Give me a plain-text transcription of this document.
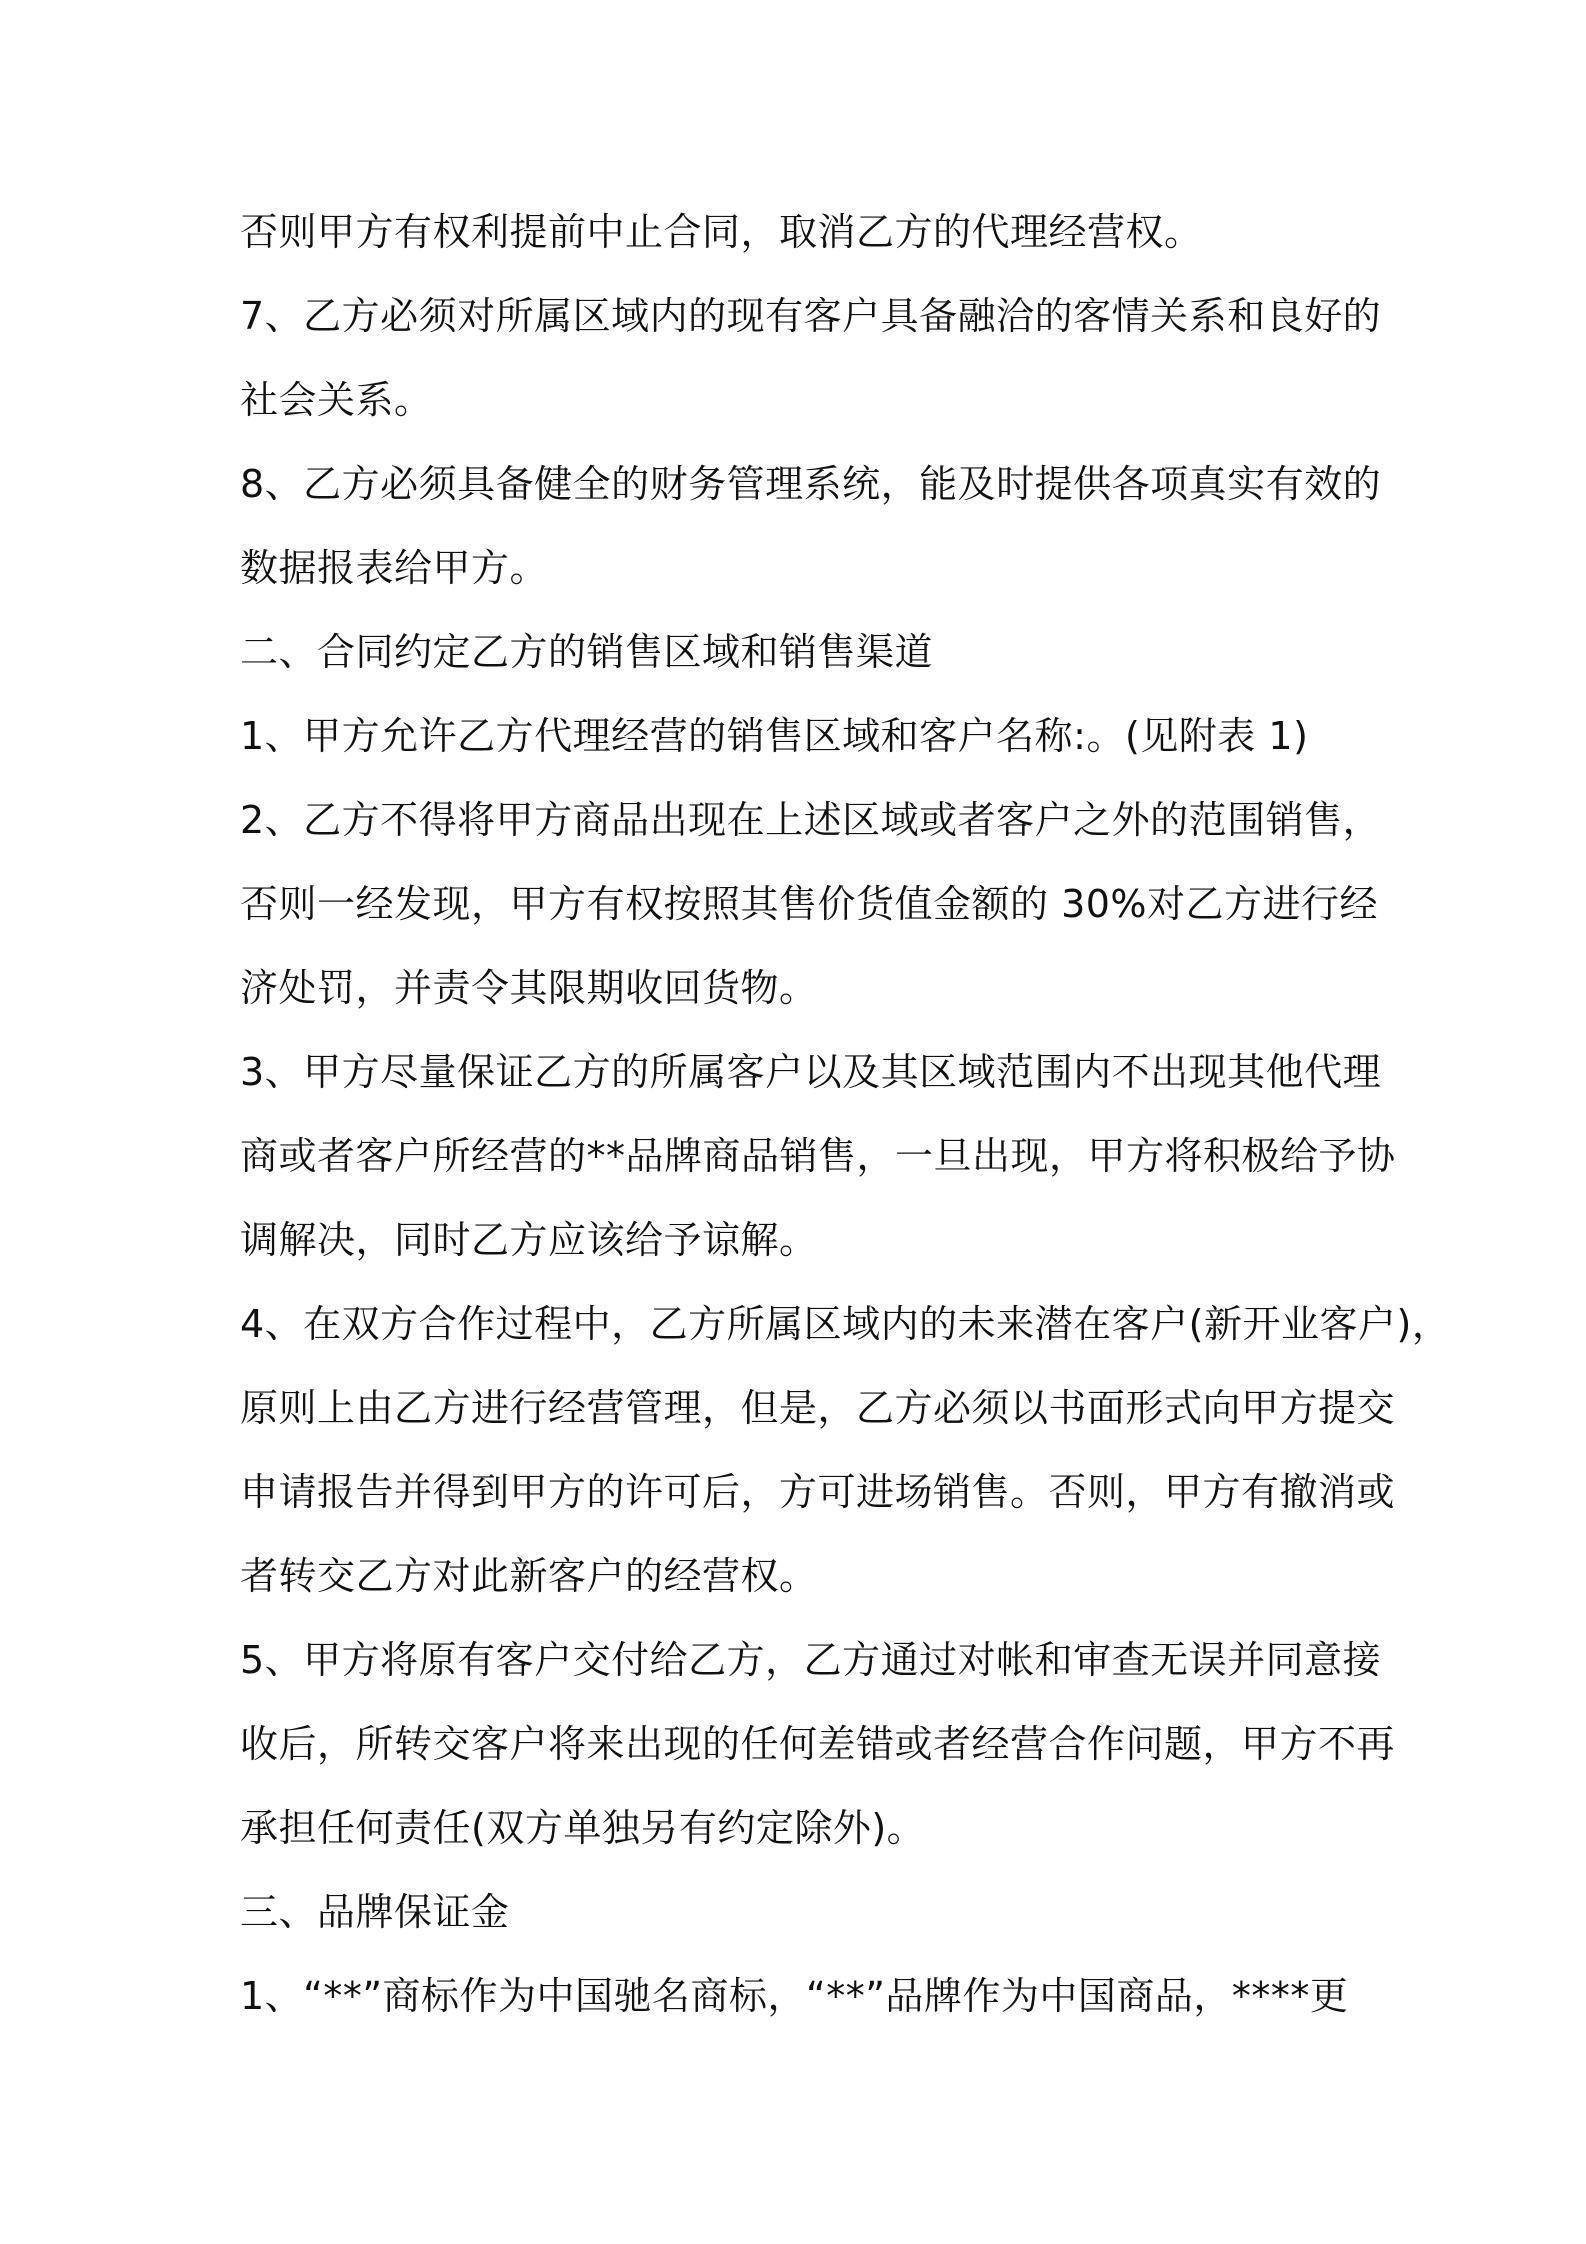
否则甲方有权利提前中止合同，取消乙方的代理经营权。
7、乙方必须对所属区域内的现有客户具备融洽的客情关系和良好的
社会关系。
8、乙方必须具备健全的财务管理系统，能及时提供各项真实有效的
数据报表给甲方。
二、合同约定乙方的销售区域和销售渠道
1、甲方允许乙方代理经营的销售区域和客户名称:。(见附表 1)
2、乙方不得将甲方商品出现在上述区域或者客户之外的范围销售，
否则一经发现，甲方有权按照其售价货值金额的 30%对乙方进行经
济处罚，并责令其限期收回货物。
3、甲方尽量保证乙方的所属客户以及其区域范围内不出现其他代理
商或者客户所经营的**品牌商品销售，一旦出现，甲方将积极给予协
调解决，同时乙方应该给予谅解。
4、在双方合作过程中，乙方所属区域内的未来潜在客户(新开业客户)，
原则上由乙方进行经营管理，但是，乙方必须以书面形式向甲方提交
申请报告并得到甲方的许可后，方可进场销售。否则，甲方有撤消或
者转交乙方对此新客户的经营权。
5、甲方将原有客户交付给乙方，乙方通过对帐和审查无误并同意接
收后，所转交客户将来出现的任何差错或者经营合作问题，甲方不再
承担任何责任(双方单独另有约定除外)。
三、品牌保证金
1、“**”商标作为中国驰名商标，“**”品牌作为中国商品，****更
